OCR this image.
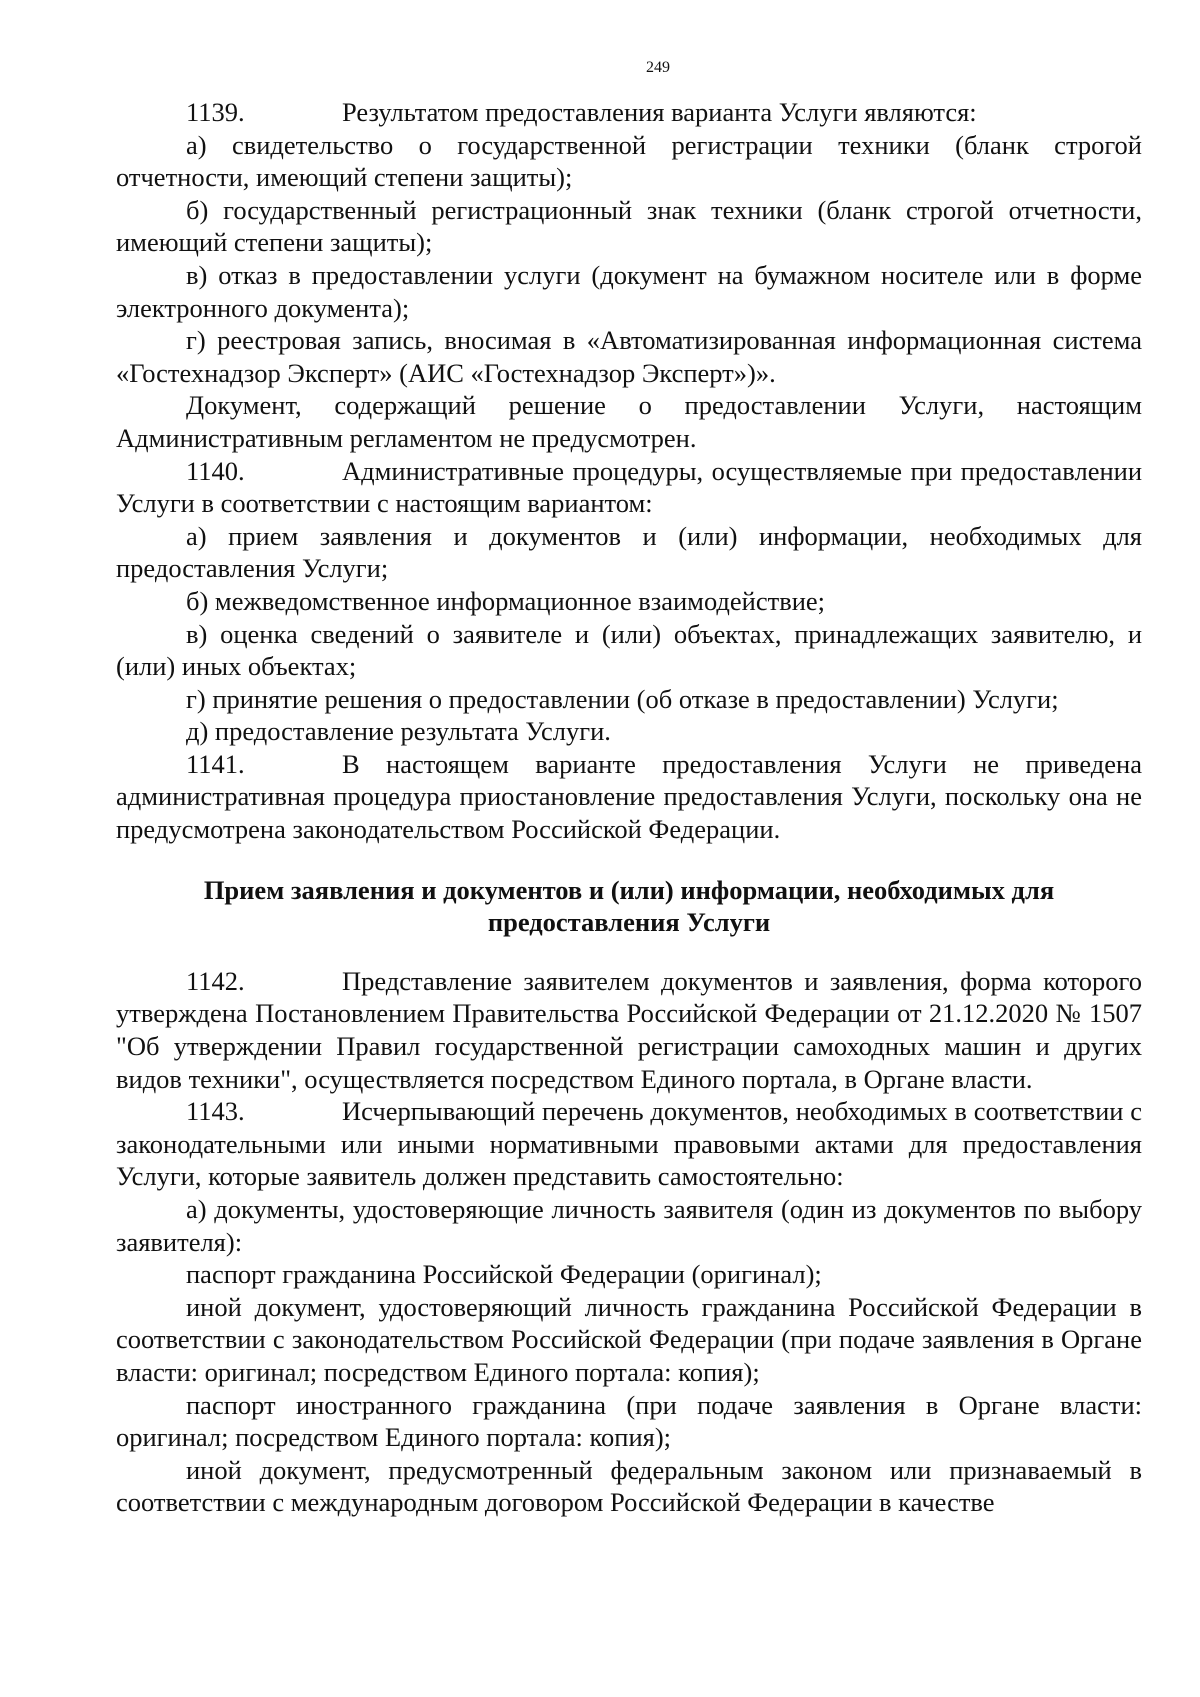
249

1139.	Результатом предоставления варианта Услуги являются:

а) свидетельство о государственной регистрации техники (бланк строгой отчетности, имеющий степени защиты);

б) государственный регистрационный знак техники (бланк строгой отчетности, имеющий степени защиты);

в) отказ в предоставлении услуги (документ на бумажном носителе или в форме электронного документа);

г) реестровая запись, вносимая в «Автоматизированная информационная система «Гостехнадзор Эксперт» (АИС «Гостехнадзор Эксперт»)».

Документ, содержащий решение о предоставлении Услуги, настоящим Административным регламентом не предусмотрен.

1140.	Административные процедуры, осуществляемые при предоставлении Услуги в соответствии с настоящим вариантом:

а) прием заявления и документов и (или) информации, необходимых для предоставления Услуги;

б) межведомственное информационное взаимодействие;

в) оценка сведений о заявителе и (или) объектах, принадлежащих заявителю, и (или) иных объектах;

г) принятие решения о предоставлении (об отказе в предоставлении) Услуги;

д) предоставление результата Услуги.

1141.	В настоящем варианте предоставления Услуги не приведена административная процедура приостановление предоставления Услуги, поскольку она не предусмотрена законодательством Российской Федерации.

Прием заявления и документов и (или) информации, необходимых для предоставления Услуги

1142.	Представление заявителем документов и заявления, форма которого утверждена Постановлением Правительства Российской Федерации от 21.12.2020 № 1507 "Об утверждении Правил государственной регистрации самоходных машин и других видов техники", осуществляется посредством Единого портала, в Органе власти.

1143.	Исчерпывающий перечень документов, необходимых в соответствии с законодательными или иными нормативными правовыми актами для предоставления Услуги, которые заявитель должен представить самостоятельно:

а) документы, удостоверяющие личность заявителя (один из документов по выбору заявителя):

паспорт гражданина Российской Федерации (оригинал);

иной документ, удостоверяющий личность гражданина Российской Федерации в соответствии с законодательством Российской Федерации (при подаче заявления в Органе власти: оригинал; посредством Единого портала: копия);

паспорт иностранного гражданина (при подаче заявления в Органе власти: оригинал; посредством Единого портала: копия);

иной документ, предусмотренный федеральным законом или признаваемый в соответствии с международным договором Российской Федерации в качестве
